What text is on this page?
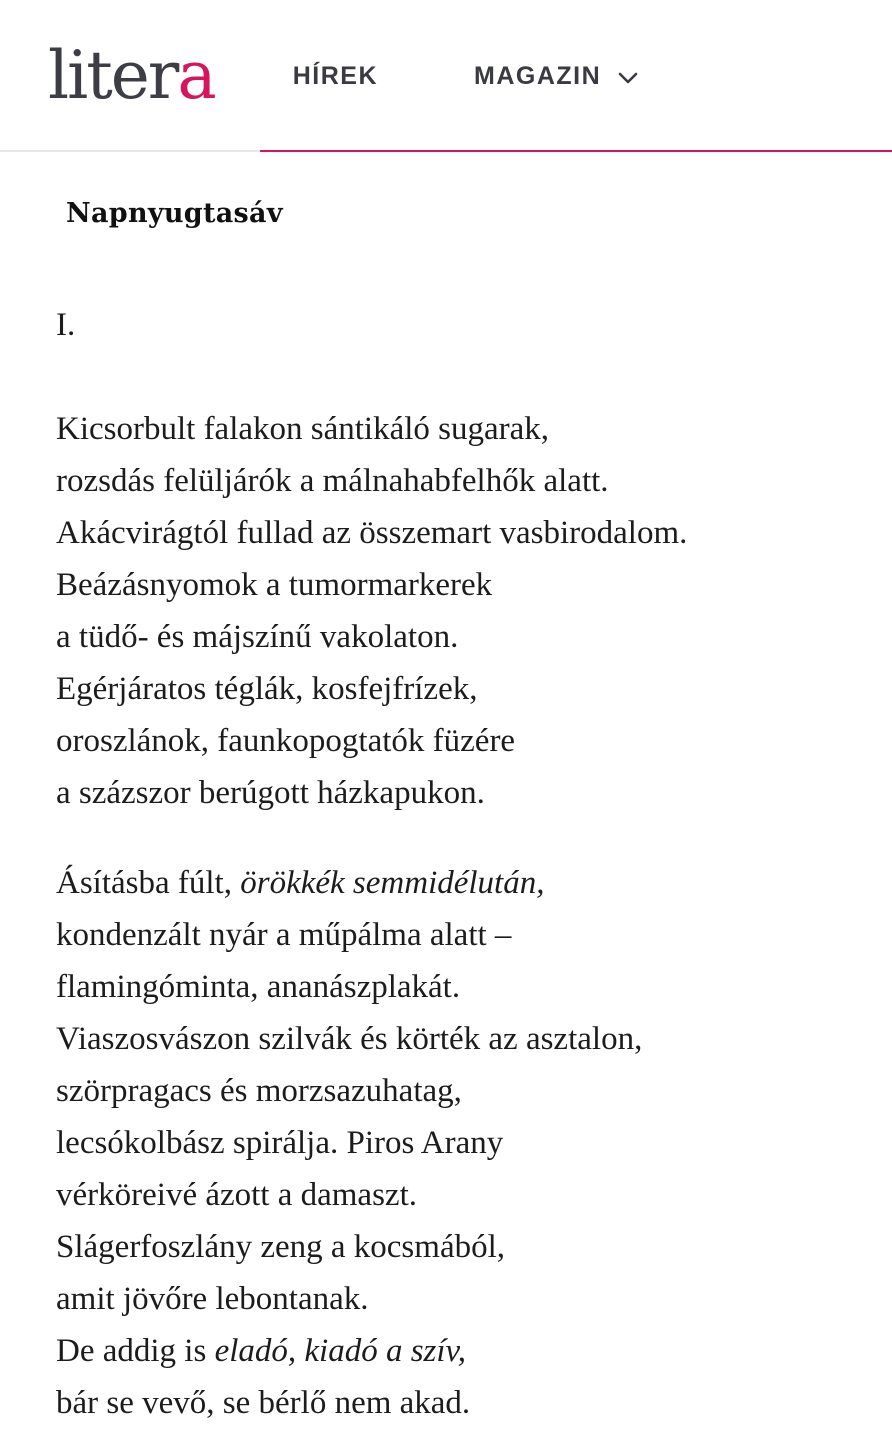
liter a	HÍREK	MAGAZIN
Napnyugtasáv

I.

Kicsorbult falakon sántikáló sugarak,
rozsdás felüljárók a málnahabfelhők alatt.
Akácvirágtól fullad az összemart vasbirodalom.
Beázásnyomok a tumormarkerek
a tüdő- és májszínű vakolaton.
Egérjáratos téglák, kosfejfrízek,
oroszlánok, faunkopogtatók füzére
a százszor berúgott házkapukon.

Ásításba fúlt, örökkék semmidélután,
kondenzált nyár a műpálma alatt –
flamingóminta, ananászplakát.
Viaszosvászon szilvák és körték az asztalon,
szörpragacs és morzsazuhatag,
lecsókolbász spirálja. Piros Arany
vérköreivé ázott a damaszt.
Slágerfoszlány zeng a kocsmából,
amit jövőre lebontanak.
De addig is eladó, kiadó a szív,
bár se vevő, se bérlő nem akad.
